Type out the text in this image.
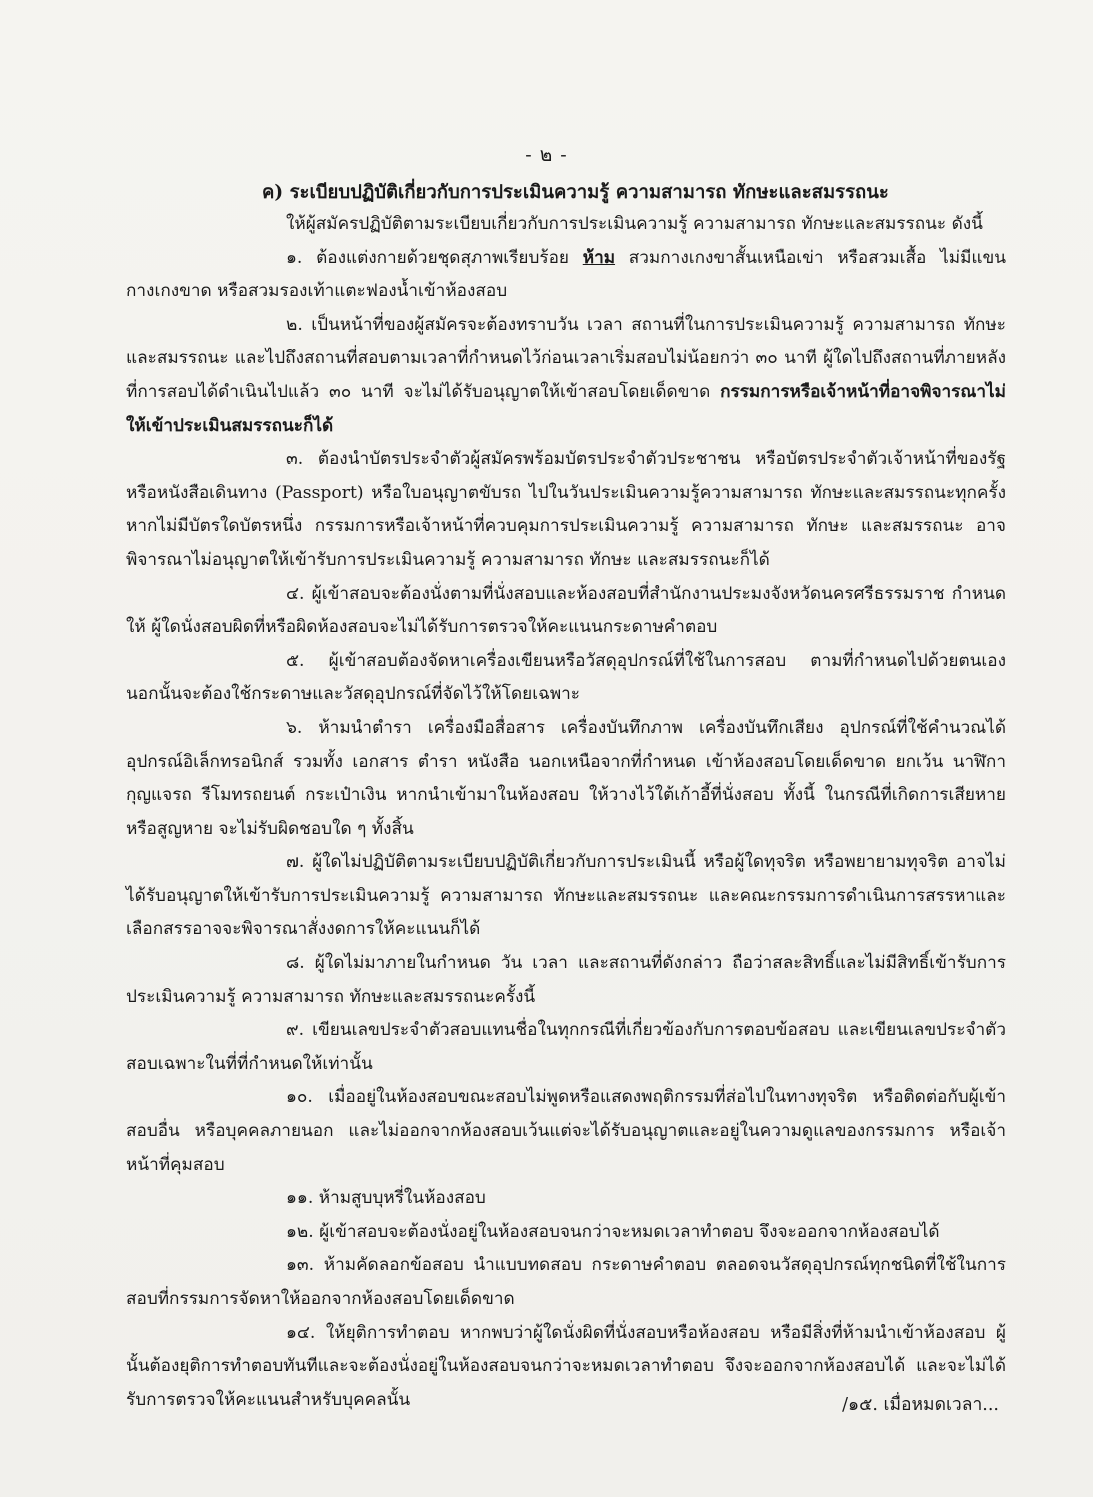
- ๒ -
ค) ระเบียบปฏิบัติเกี่ยวกับการประเมินความรู้ ความสามารถ ทักษะและสมรรถนะ

ให้ผู้สมัครปฏิบัติตามระเบียบเกี่ยวกับการประเมินความรู้ ความสามารถ ทักษะและสมรรถนะ ดังนี้

๑. ต้องแต่งกายด้วยชุดสุภาพเรียบร้อย ห้าม สวมกางเกงขาสั้นเหนือเข่า หรือสวมเสื้อ ไม่มีแขน กางเกงขาด หรือสวมรองเท้าแตะฟองน้ำเข้าห้องสอบ

๒. เป็นหน้าที่ของผู้สมัครจะต้องทราบวัน เวลา สถานที่ในการประเมินความรู้ ความสามารถ ทักษะและสมรรถนะ และไปถึงสถานที่สอบตามเวลาที่กำหนดไว้ก่อนเวลาเริ่มสอบไม่น้อยกว่า ๓๐ นาที ผู้ใดไปถึงสถานที่ภายหลังที่การสอบได้ดำเนินไปแล้ว ๓๐ นาที จะไม่ได้รับอนุญาตให้เข้าสอบโดยเด็ดขาด กรรมการหรือเจ้าหน้าที่อาจพิจารณาไม่ให้เข้าประเมินสมรรถนะก็ได้

๓. ต้องนำบัตรประจำตัวผู้สมัครพร้อมบัตรประจำตัวประชาชน หรือบัตรประจำตัวเจ้าหน้าที่ของรัฐ หรือหนังสือเดินทาง (Passport) หรือใบอนุญาตขับรถ ไปในวันประเมินความรู้ความสามารถ ทักษะและสมรรถนะทุกครั้ง หากไม่มีบัตรใดบัตรหนึ่ง กรรมการหรือเจ้าหน้าที่ควบคุมการประเมินความรู้ ความสามารถ ทักษะ และสมรรถนะ อาจพิจารณาไม่อนุญาตให้เข้ารับการประเมินความรู้ ความสามารถ ทักษะ และสมรรถนะก็ได้

๔. ผู้เข้าสอบจะต้องนั่งตามที่นั่งสอบและห้องสอบที่สำนักงานประมงจังหวัดนครศรีธรรมราช กำหนดให้ ผู้ใดนั่งสอบผิดที่หรือผิดห้องสอบจะไม่ได้รับการตรวจให้คะแนนกระดาษคำตอบ

๕. ผู้เข้าสอบต้องจัดหาเครื่องเขียนหรือวัสดุอุปกรณ์ที่ใช้ในการสอบ ตามที่กำหนดไปด้วยตนเอง นอกนั้นจะต้องใช้กระดาษและวัสดุอุปกรณ์ที่จัดไว้ให้โดยเฉพาะ

๖. ห้ามนำตำรา เครื่องมือสื่อสาร เครื่องบันทึกภาพ เครื่องบันทึกเสียง อุปกรณ์ที่ใช้คำนวณได้ อุปกรณ์อิเล็กทรอนิกส์ รวมทั้ง เอกสาร ตำรา หนังสือ นอกเหนือจากที่กำหนด เข้าห้องสอบโดยเด็ดขาด ยกเว้น นาฬิกา กุญแจรถ รีโมทรถยนต์ กระเป๋าเงิน หากนำเข้ามาในห้องสอบ ให้วางไว้ใต้เก้าอี้ที่นั่งสอบ ทั้งนี้ ในกรณีที่เกิดการเสียหาย หรือสูญหาย จะไม่รับผิดชอบใด ๆ ทั้งสิ้น

๗. ผู้ใดไม่ปฏิบัติตามระเบียบปฏิบัติเกี่ยวกับการประเมินนี้ หรือผู้ใดทุจริต หรือพยายามทุจริต อาจไม่ได้รับอนุญาตให้เข้ารับการประเมินความรู้ ความสามารถ ทักษะและสมรรถนะ และคณะกรรมการดำเนินการสรรหาและเลือกสรรอาจจะพิจารณาสั่งงดการให้คะแนนก็ได้

๘. ผู้ใดไม่มาภายในกำหนด วัน เวลา และสถานที่ดังกล่าว ถือว่าสละสิทธิ์และไม่มีสิทธิ์เข้ารับการประเมินความรู้ ความสามารถ ทักษะและสมรรถนะครั้งนี้

๙. เขียนเลขประจำตัวสอบแทนชื่อในทุกกรณีที่เกี่ยวข้องกับการตอบข้อสอบ และเขียนเลขประจำตัวสอบเฉพาะในที่ที่กำหนดให้เท่านั้น

๑๐. เมื่ออยู่ในห้องสอบขณะสอบไม่พูดหรือแสดงพฤติกรรมที่ส่อไปในทางทุจริต หรือติดต่อกับผู้เข้าสอบอื่น หรือบุคคลภายนอก และไม่ออกจากห้องสอบเว้นแต่จะได้รับอนุญาตและอยู่ในความดูแลของกรรมการ หรือเจ้าหน้าที่คุมสอบ

๑๑. ห้ามสูบบุหรี่ในห้องสอบ

๑๒. ผู้เข้าสอบจะต้องนั่งอยู่ในห้องสอบจนกว่าจะหมดเวลาทำตอบ จึงจะออกจากห้องสอบได้

๑๓. ห้ามคัดลอกข้อสอบ นำแบบทดสอบ กระดาษคำตอบ ตลอดจนวัสดุอุปกรณ์ทุกชนิดที่ใช้ในการสอบที่กรรมการจัดหาให้ออกจากห้องสอบโดยเด็ดขาด

๑๔. ให้ยุติการทำตอบ หากพบว่าผู้ใดนั่งผิดที่นั่งสอบหรือห้องสอบ หรือมีสิ่งที่ห้ามนำเข้าห้องสอบ ผู้นั้นต้องยุติการทำตอบทันทีและจะต้องนั่งอยู่ในห้องสอบจนกว่าจะหมดเวลาทำตอบ จึงจะออกจากห้องสอบได้ และจะไม่ได้รับการตรวจให้คะแนนสำหรับบุคคลนั้น	/๑๕. เมื่อหมดเวลา...
